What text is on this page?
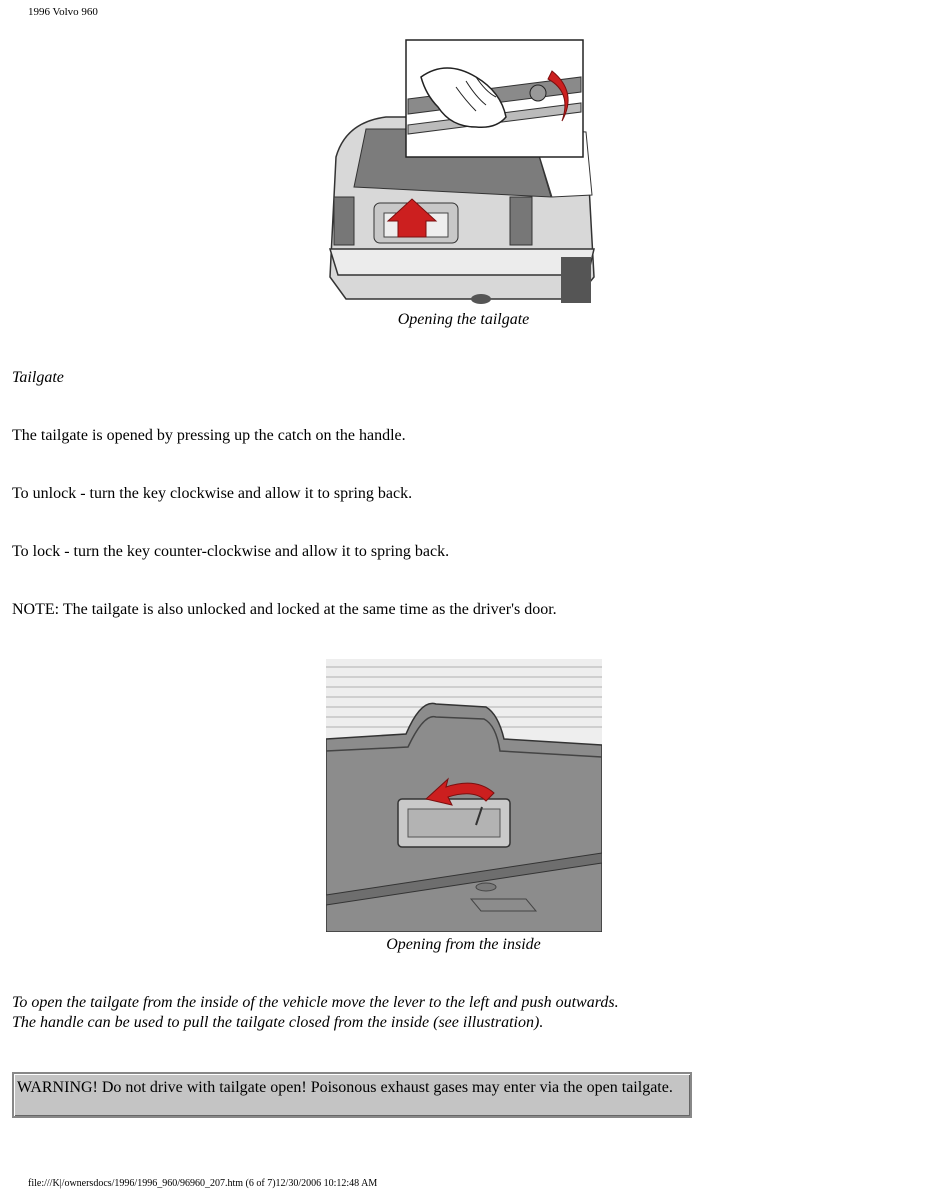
1996 Volvo 960
Opening the tailgate
Tailgate
The tailgate is opened by pressing up the catch on the handle.
To unlock - turn the key clockwise and allow it to spring back.
To lock - turn the key counter-clockwise and allow it to spring back.
NOTE: The tailgate is also unlocked and locked at the same time as the driver's door.
Opening from the inside
To open the tailgate from the inside of the vehicle move the lever to the left and push outwards.
The handle can be used to pull the tailgate closed from the inside (see illustration).
WARNING! Do not drive with tailgate open! Poisonous exhaust gases may enter via the open tailgate.
file:///K|/ownersdocs/1996/1996_960/96960_207.htm (6 of 7)12/30/2006 10:12:48 AM
